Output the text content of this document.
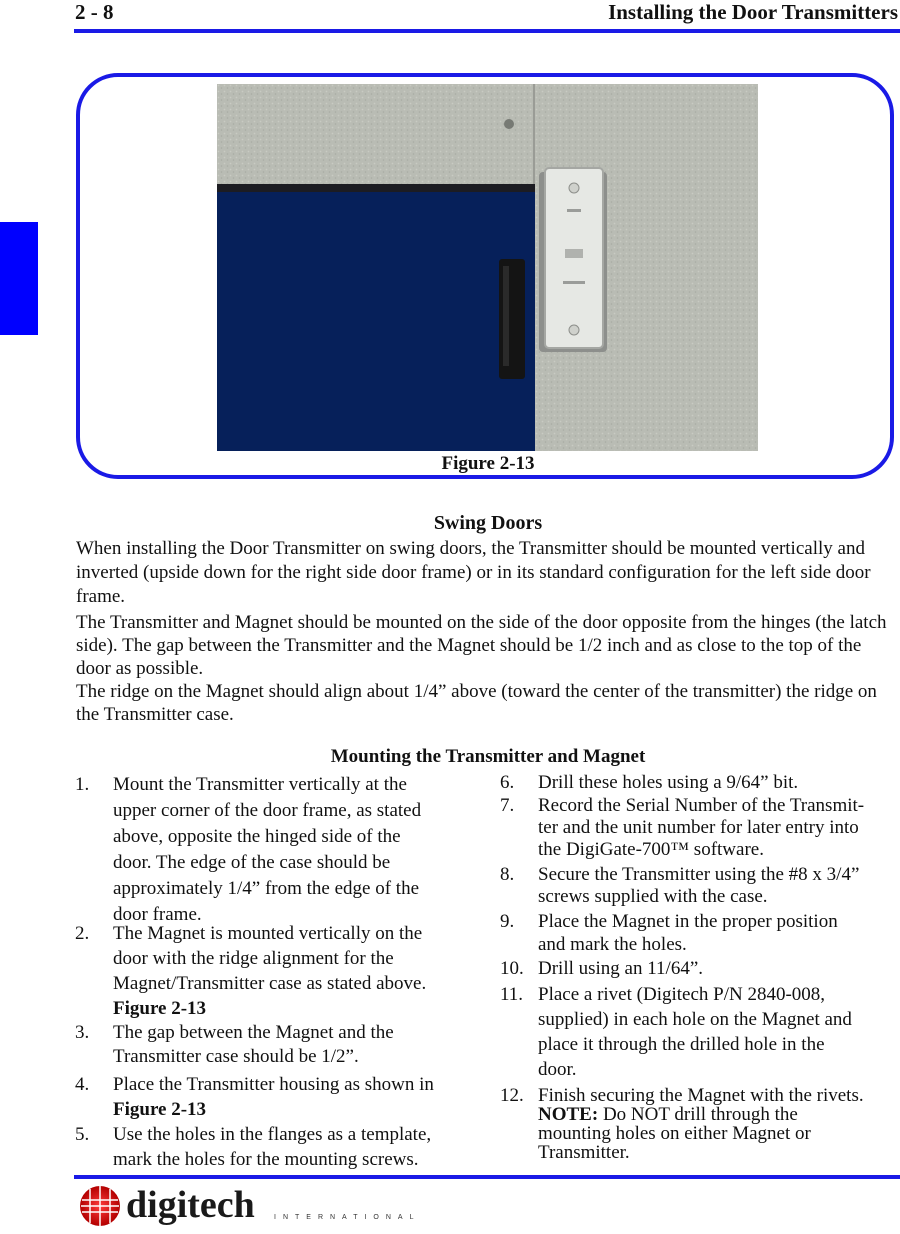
2 - 8	Installing the Door Transmitters
Figure 2-13
Swing Doors

When installing the Door Transmitter on swing doors, the Transmitter should be mounted vertically and inverted (upside down for the right side door frame) or in its standard configuration for the left side door frame.

The Transmitter and Magnet should be mounted on the side of the door opposite from the hinges (the latch side). The gap between the Transmitter and the Magnet should be 1/2 inch and as close to the top of the door as possible.

The ridge on the Magnet should align about 1/4” above (toward the center of the transmitter) the ridge on the Transmitter case.

Mounting the Transmitter and Magnet
1. Mount the Transmitter vertically at the
upper corner of the door frame, as stated
above, opposite the hinged side of the
door. The edge of the case should be
approximately 1/4” from the edge of the
door frame.
2. The Magnet is mounted vertically on the
door with the ridge alignment for the
Magnet/Transmitter case as stated above.
Figure 2-13
3. The gap between the Magnet and the
Transmitter case should be 1/2”.
4. Place the Transmitter housing as shown in
Figure 2-13
5. Use the holes in the flanges as a template,
mark the holes for the mounting screws.
6. Drill these holes using a 9/64” bit.
7. Record the Serial Number of the Transmit-
ter and the unit number for later entry into
the DigiGate-700™ software.
8. Secure the Transmitter using the #8 x 3/4”
screws supplied with the case.
9. Place the Magnet in the proper position
and mark the holes.
10. Drill using an 11/64”.
11. Place a rivet (Digitech P/N 2840-008,
supplied) in each hole on the Magnet and
place it through the drilled hole in the
door.
12. Finish securing the Magnet with the rivets.
NOTE: Do NOT drill through the
mounting holes on either Magnet or
Transmitter.
digitech	INTERNATIONAL
